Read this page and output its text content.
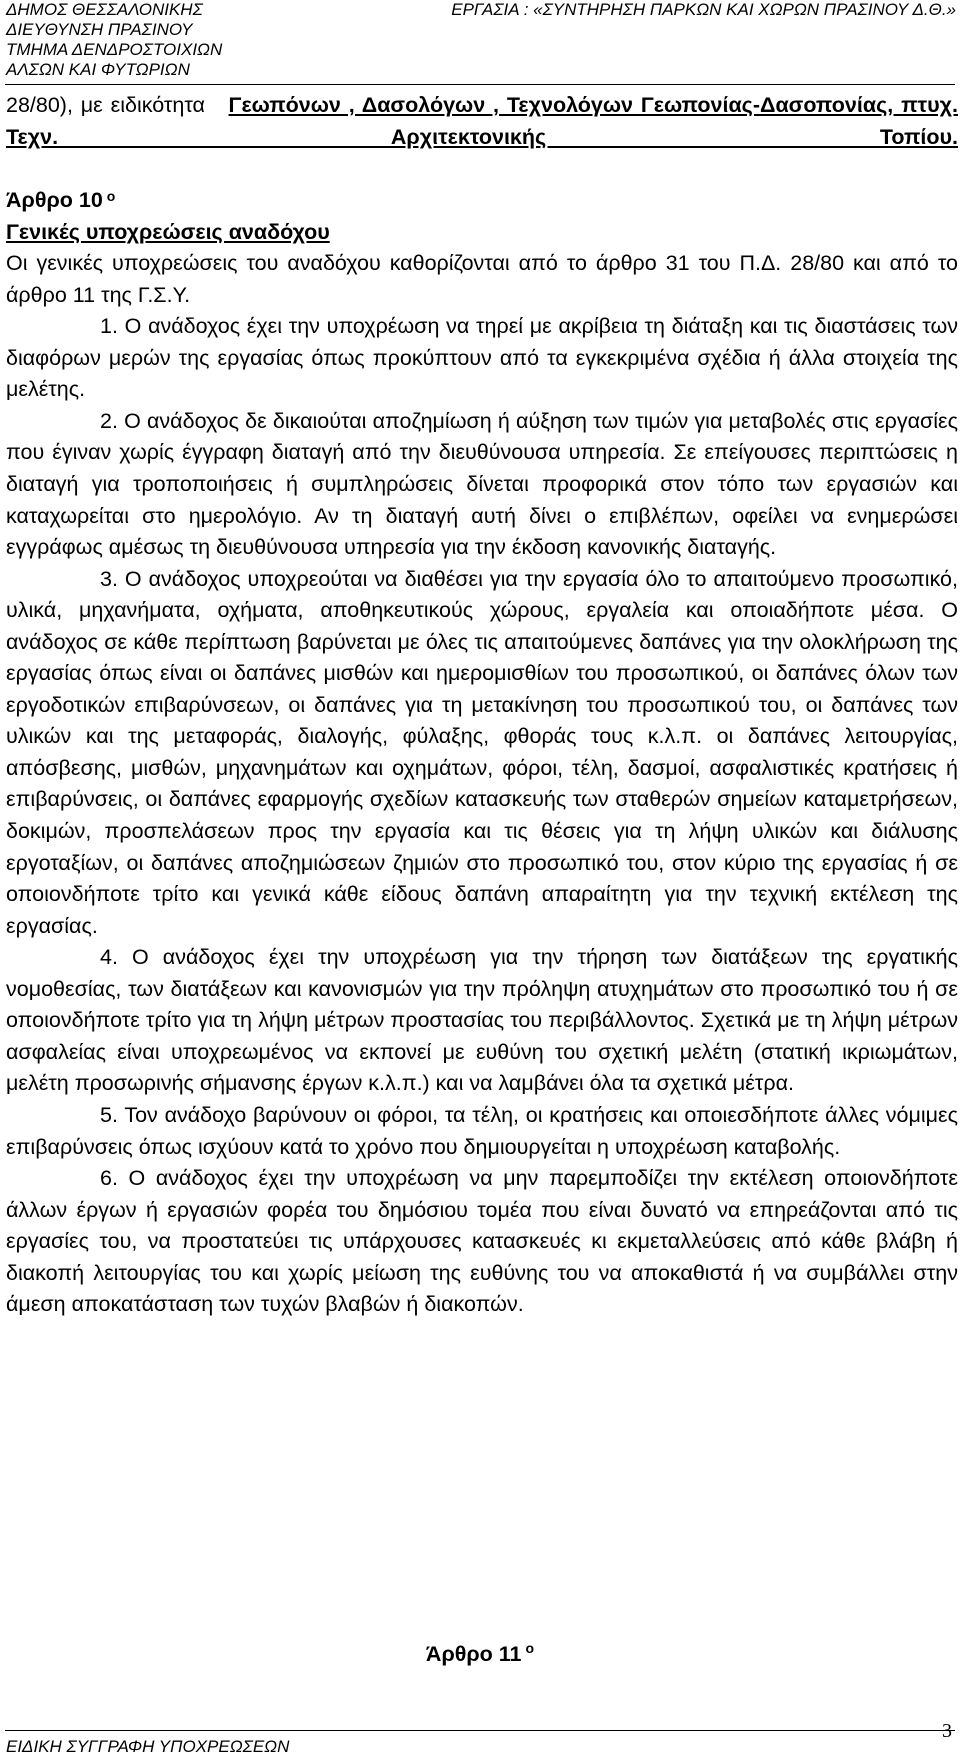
ΔΗΜΟΣ ΘΕΣΣΑΛΟΝΙΚΗΣ
ΔΙΕΥΘΥΝΣΗ ΠΡΑΣΙΝΟΥ
ΤΜΗΜΑ ΔΕΝΔΡΟΣΤΟΙΧΙΩΝ
ΑΛΣΩΝ ΚΑΙ ΦΥΤΩΡΙΩΝ
ΕΡΓΑΣΙΑ : «ΣΥΝΤΗΡΗΣΗ ΠΑΡΚΩΝ ΚΑΙ ΧΩΡΩΝ ΠΡΑΣΙΝΟΥ Δ.Θ.»

28/80), με ειδικότητα Γεωπόνων , Δασολόγων , Τεχνολόγων Γεωπονίας-Δασοπονίας, πτυχ. Τεχν. Αρχιτεκτονικής Τοπίου.

Άρθρο 10 $^o$

Γενικές υποχρεώσεις αναδόχου

Οι γενικές υποχρεώσεις του αναδόχου καθορίζονται από το άρθρο 31 του Π.Δ. 28/80 και από το άρθρο 11 της Γ.Σ.Υ.

1. Ο ανάδοχος έχει την υποχρέωση να τηρεί με ακρίβεια τη διάταξη και τις διαστάσεις των διαφόρων μερών της εργασίας όπως προκύπτουν από τα εγκεκριμένα σχέδια ή άλλα στοιχεία της μελέτης.

2. Ο ανάδοχος δε δικαιούται αποζημίωση ή αύξηση των τιμών για μεταβολές στις εργασίες που έγιναν χωρίς έγγραφη διαταγή από την διευθύνουσα υπηρεσία. Σε επείγουσες περιπτώσεις η διαταγή για τροποποιήσεις ή συμπληρώσεις δίνεται προφορικά στον τόπο των εργασιών και καταχωρείται στο ημερολόγιο. Αν τη διαταγή αυτή δίνει ο επιβλέπων, οφείλει να ενημερώσει εγγράφως αμέσως τη διευθύνουσα υπηρεσία για την έκδοση κανονικής διαταγής.

3. Ο ανάδοχος υποχρεούται να διαθέσει για την εργασία όλο το απαιτούμενο προσωπικό, υλικά, μηχανήματα, οχήματα, αποθηκευτικούς χώρους, εργαλεία και οποιαδήποτε μέσα. Ο ανάδοχος σε κάθε περίπτωση βαρύνεται με όλες τις απαιτούμενες δαπάνες για την ολοκλήρωση της εργασίας όπως είναι οι δαπάνες μισθών και ημερομισθίων του προσωπικού, οι δαπάνες όλων των εργοδοτικών επιβαρύνσεων, οι δαπάνες για τη μετακίνηση του προσωπικού του, οι δαπάνες των υλικών και της μεταφοράς, διαλογής, φύλαξης, φθοράς τους κ.λ.π. οι δαπάνες λειτουργίας, απόσβεσης, μισθών, μηχανημάτων και οχημάτων, φόροι, τέλη, δασμοί, ασφαλιστικές κρατήσεις ή επιβαρύνσεις, οι δαπάνες εφαρμογής σχεδίων κατασκευής των σταθερών σημείων καταμετρήσεων, δοκιμών, προσπελάσεων προς την εργασία και τις θέσεις για τη λήψη υλικών και διάλυσης εργοταξίων, οι δαπάνες αποζημιώσεων ζημιών στο προσωπικό του, στον κύριο της εργασίας ή σε οποιονδήποτε τρίτο και γενικά κάθε είδους δαπάνη απαραίτητη για την τεχνική εκτέλεση της εργασίας.

4. Ο ανάδοχος έχει την υποχρέωση για την τήρηση των διατάξεων της εργατικής νομοθεσίας, των διατάξεων και κανονισμών για την πρόληψη ατυχημάτων στο προσωπικό του ή σε οποιονδήποτε τρίτο για τη λήψη μέτρων προστασίας του περιβάλλοντος. Σχετικά με τη λήψη μέτρων ασφαλείας είναι υποχρεωμένος να εκπονεί με ευθύνη του σχετική μελέτη (στατική ικριωμάτων, μελέτη προσωρινής σήμανσης έργων κ.λ.π.) και να λαμβάνει όλα τα σχετικά μέτρα.

5. Τον ανάδοχο βαρύνουν οι φόροι, τα τέλη, οι κρατήσεις και οποιεσδήποτε άλλες νόμιμες επιβαρύνσεις όπως ισχύουν κατά το χρόνο που δημιουργείται η υποχρέωση καταβολής.

6. Ο ανάδοχος έχει την υποχρέωση να μην παρεμποδίζει την εκτέλεση οποιονδήποτε άλλων έργων ή εργασιών φορέα του δημόσιου τομέα που είναι δυνατό να επηρεάζονται από τις εργασίες του, να προστατεύει τις υπάρχουσες κατασκευές κι εκμεταλλεύσεις από κάθε βλάβη ή διακοπή λειτουργίας του και χωρίς μείωση της ευθύνης του να αποκαθιστά ή να συμβάλλει στην άμεση αποκατάσταση των τυχών βλαβών ή διακοπών.

Άρθρο 11 $^o$
ΕΙΔΙΚΗ ΣΥΓΓΡΑΦΗ ΥΠΟΧΡΕΩΣΕΩΝ
3
